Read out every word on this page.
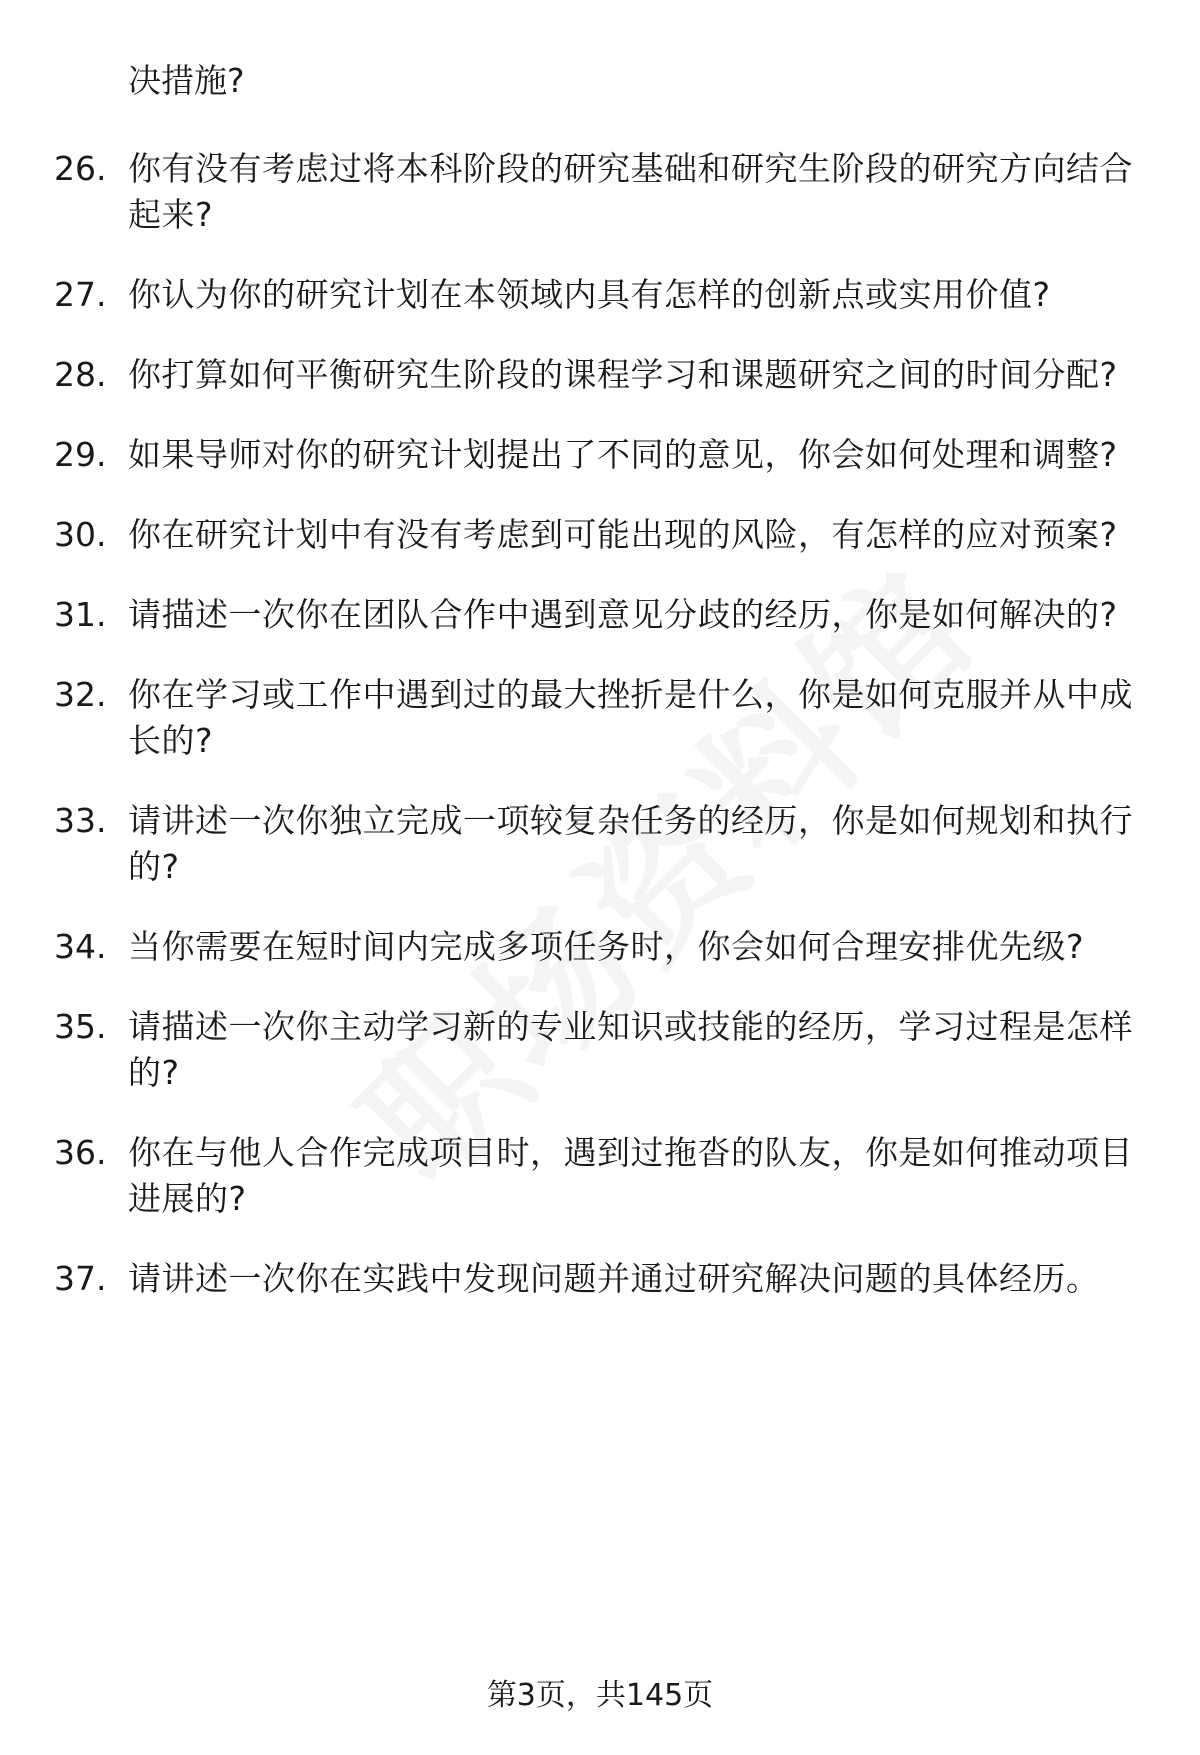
决措施?

26. 你有没有考虑过将本科阶段的研究基础和研究生阶段的研究方向结合起来?
27. 你认为你的研究计划在本领域内具有怎样的创新点或实用价值?
28. 你打算如何平衡研究生阶段的课程学习和课题研究之间的时间分配?
29. 如果导师对你的研究计划提出了不同的意见，你会如何处理和调整?
30. 你在研究计划中有没有考虑到可能出现的风险，有怎样的应对预案?
31. 请描述一次你在团队合作中遇到意见分歧的经历，你是如何解决的?
32. 你在学习或工作中遇到过的最大挫折是什么，你是如何克服并从中成长的?
33. 请讲述一次你独立完成一项较复杂任务的经历，你是如何规划和执行的?
34. 当你需要在短时间内完成多项任务时，你会如何合理安排优先级?
35. 请描述一次你主动学习新的专业知识或技能的经历，学习过程是怎样的?
36. 你在与他人合作完成项目时，遇到过拖沓的队友，你是如何推动项目进展的?
37. 请讲述一次你在实践中发现问题并通过研究解决问题的具体经历。
第3页，共145页
